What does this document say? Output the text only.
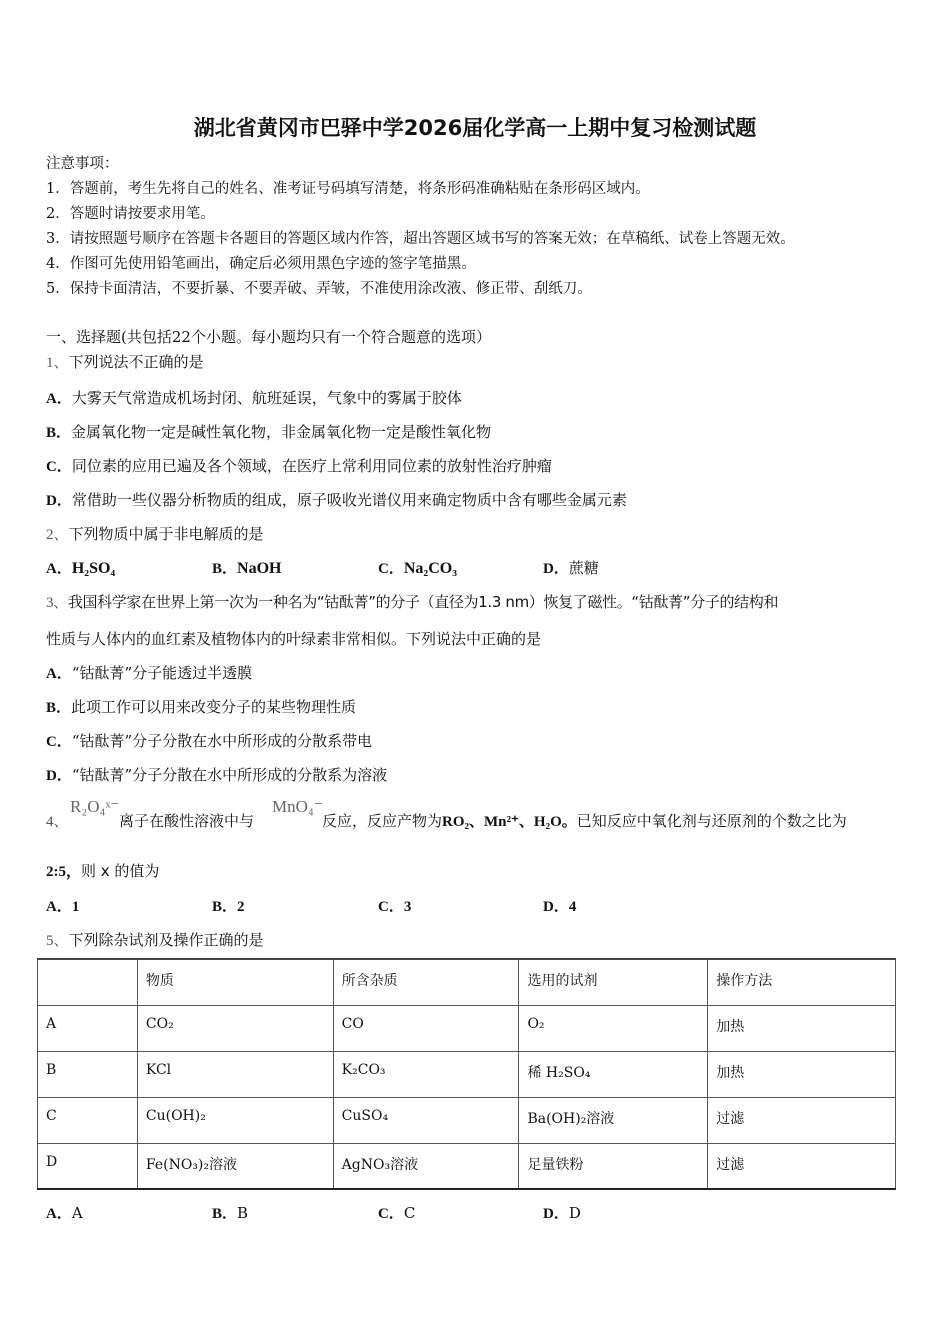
湖北省黄冈市巴驿中学2026届化学高一上期中复习检测试题
注意事项：
1．答题前，考生先将自己的姓名、准考证号码填写清楚，将条形码准确粘贴在条形码区域内。
2．答题时请按要求用笔。
3．请按照题号顺序在答题卡各题目的答题区域内作答，超出答题区域书写的答案无效；在草稿纸、试卷上答题无效。
4．作图可先使用铅笔画出，确定后必须用黑色字迹的签字笔描黑。
5．保持卡面清洁，不要折暴、不要弄破、弄皱，不准使用涂改液、修正带、刮纸刀。
一、选择题(共包括22个小题。每小题均只有一个符合题意的选项）
1、下列说法不正确的是
A．大雾天气常造成机场封闭、航班延误，气象中的雾属于胶体
B．金属氧化物一定是碱性氧化物，非金属氧化物一定是酸性氧化物
C．同位素的应用已遍及各个领域，在医疗上常利用同位素的放射性治疗肿瘤
D．常借助一些仪器分析物质的组成，原子吸收光谱仪用来确定物质中含有哪些金属元素
2、下列物质中属于非电解质的是
A．H₂SO₄	B．NaOH	C．Na₂CO₃	D．蔗糖
3、我国科学家在世界上第一次为一种名为“钴酞菁”的分子（直径为1.3 nm）恢复了磁性。“钴酞菁”分子的结构和
性质与人体内的血红素及植物体内的叶绿素非常相似。下列说法中正确的是
A．“钴酞菁”分子能透过半透膜
B．此项工作可以用来改变分子的某些物理性质
C．“钴酞菁”分子分散在水中所形成的分散系带电
D．“钴酞菁”分子分散在水中所形成的分散系为溶液
4、
R₂O₄ˣ⁻
离子在酸性溶液中与
MnO₄⁻
反应，反应产物为RO₂、Mn²⁺、H₂O。已知反应中氧化剂与还原剂的个数之比为
2:5，则 x 的值为
A．1	B．2	C．3	D．4
5、下列除杂试剂及操作正确的是
	物质	所含杂质	选用的试剂	操作方法
A	CO₂	CO	O₂	加热
B	KCl	K₂CO₃	稀 H₂SO₄	加热
C	Cu(OH)₂	CuSO₄	Ba(OH)₂溶液	过滤
D	Fe(NO₃)₂溶液	AgNO₃溶液	足量铁粉	过滤
A．A	B．B	C．C	D．D
